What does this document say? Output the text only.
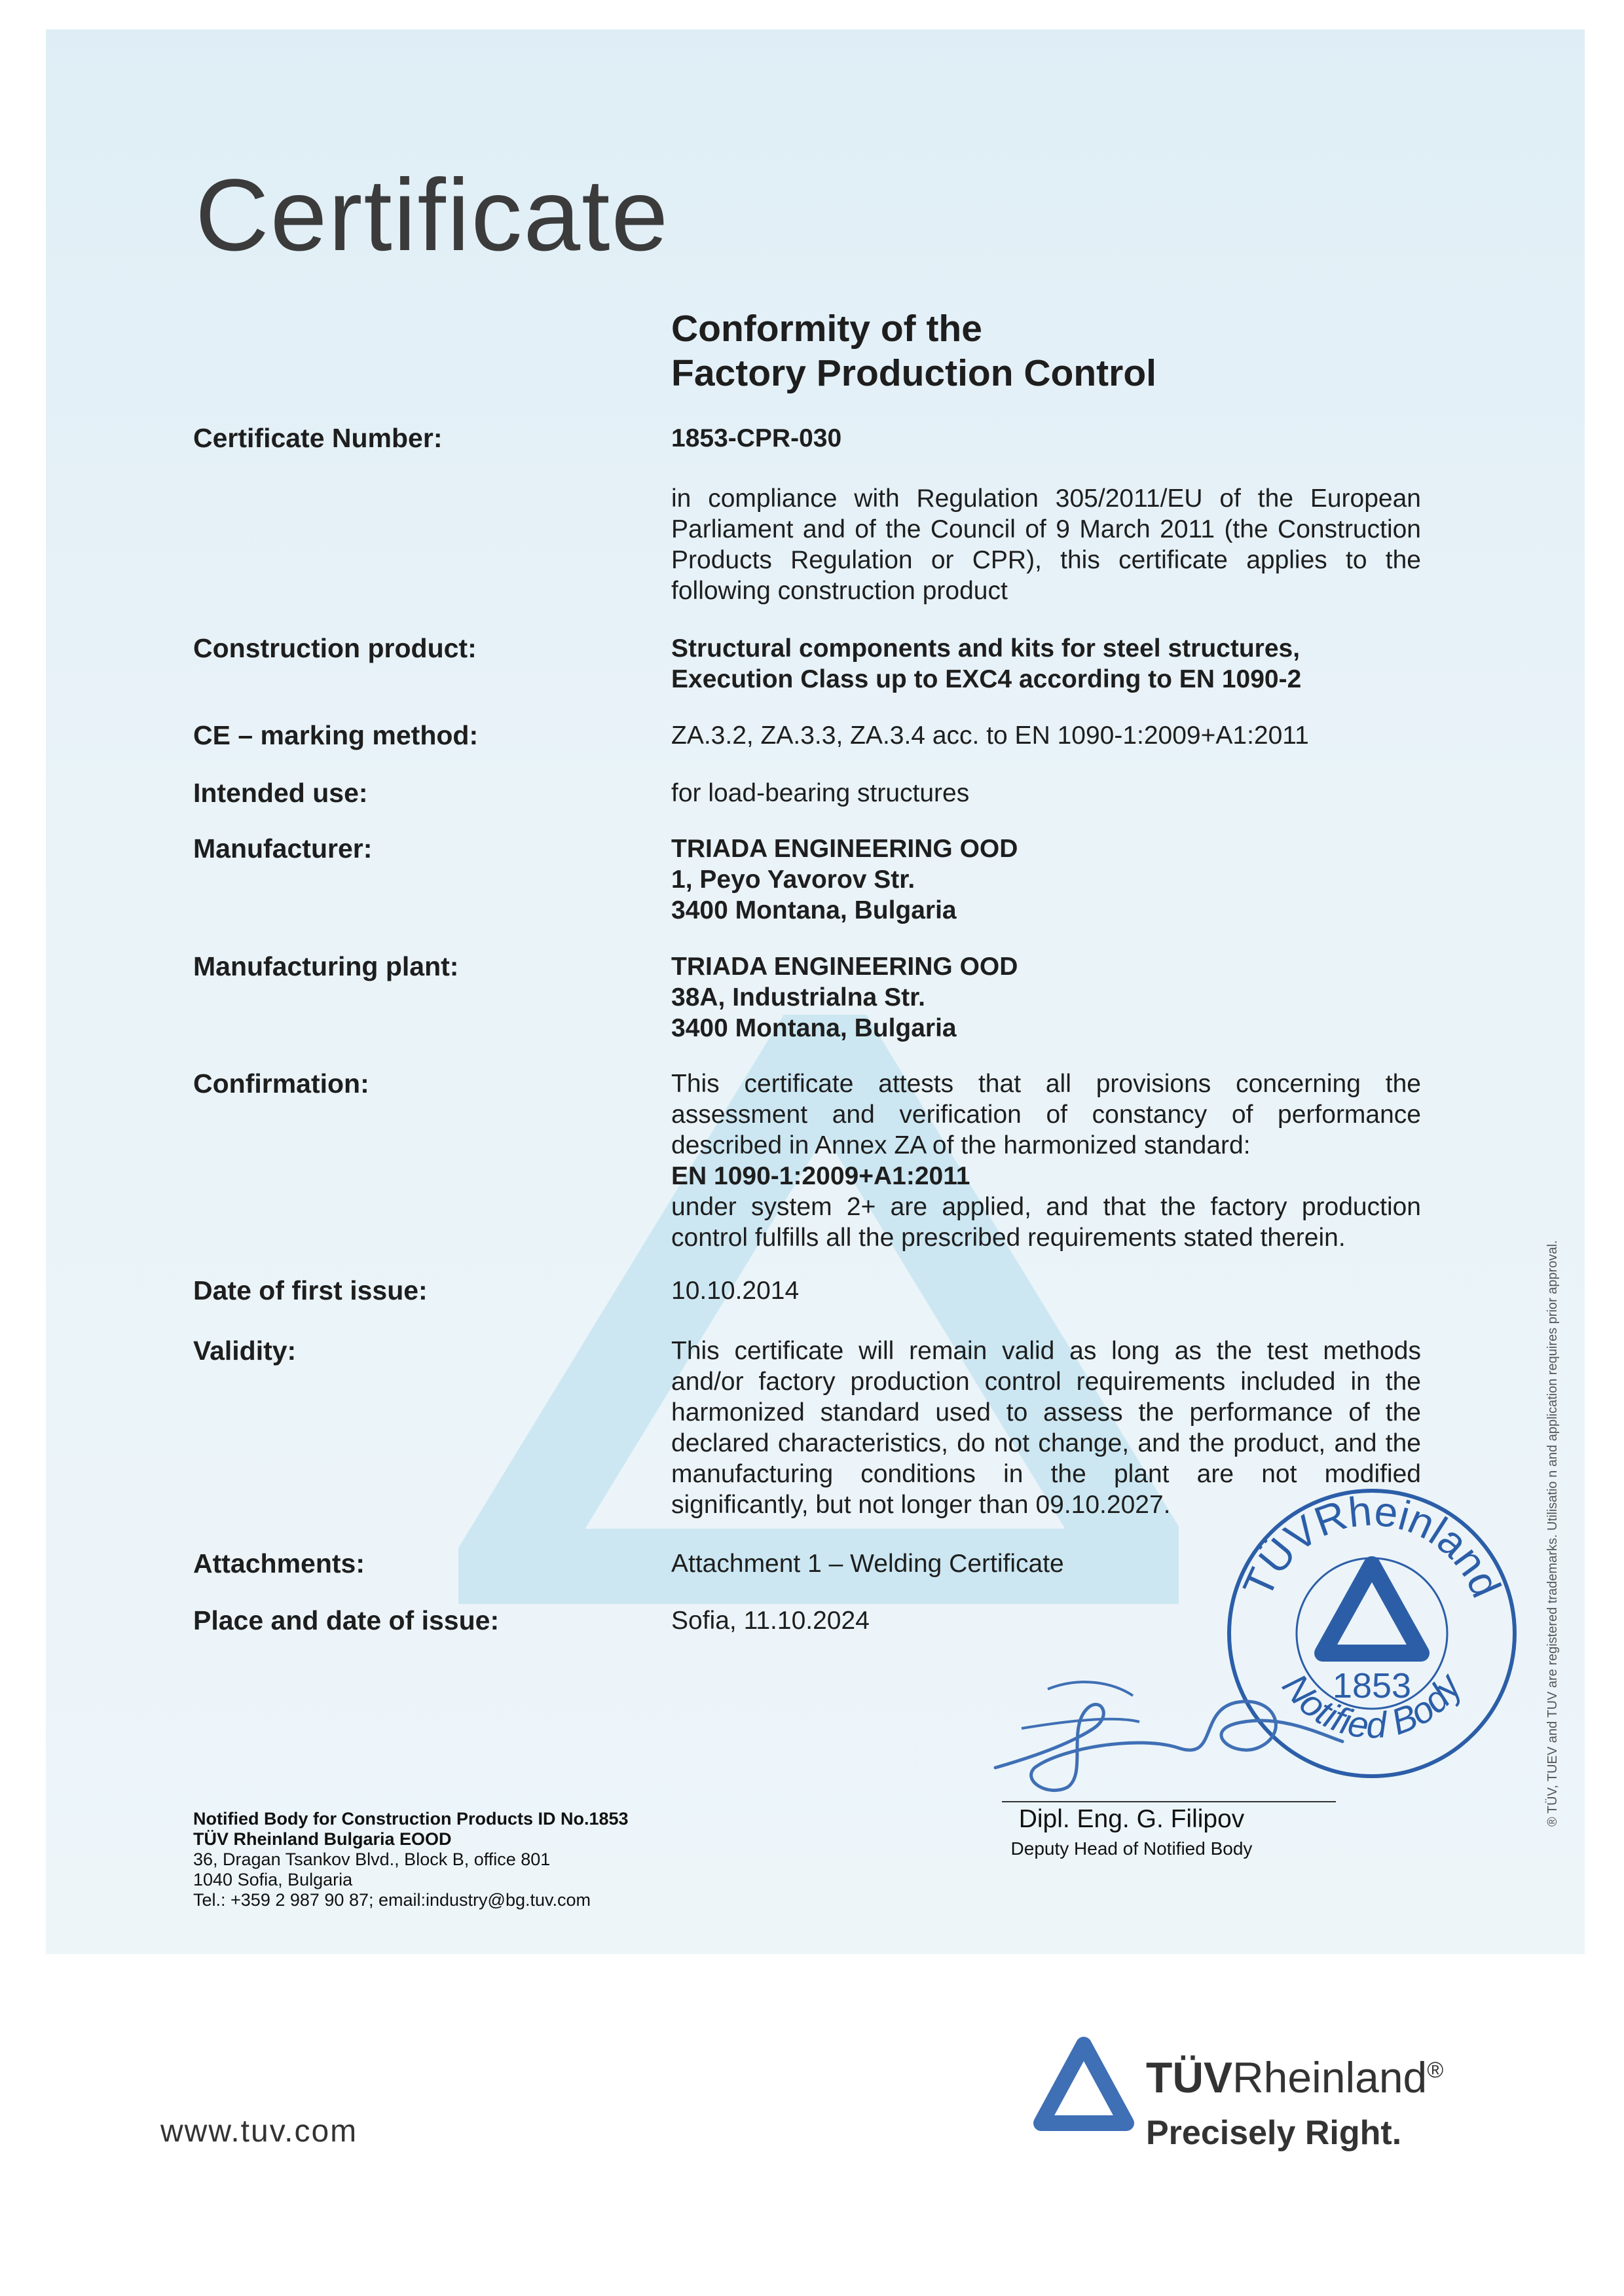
Certificate
Conformity of the
Factory Production Control
Certificate Number:	1853-CPR-030
in compliance with Regulation 305/2011/EU of the European Parliament and of the Council of 9 March 2011 (the Construction Products Regulation or CPR), this certificate applies to the following construction product
Construction product:	Structural components and kits for steel structures,
Execution Class up to EXC4 according to EN 1090-2
CE – marking method:	ZA.3.2, ZA.3.3, ZA.3.4 acc. to EN 1090-1:2009+A1:2011
Intended use:	for load-bearing structures
Manufacturer:	TRIADA ENGINEERING OOD
1, Peyo Yavorov Str.
3400 Montana, Bulgaria
Manufacturing plant:	TRIADA ENGINEERING OOD
38A, Industrialna Str.
3400 Montana, Bulgaria
Confirmation:	This certificate attests that all provisions concerning the assessment and verification of constancy of performance described in Annex ZA of the harmonized standard:
EN 1090-1:2009+A1:2011
under system 2+ are applied, and that the factory production control fulfills all the prescribed requirements stated therein.
Date of first issue:	10.10.2014
Validity:	This certificate will remain valid as long as the test methods and/or factory production control requirements included in the harmonized standard used to assess the performance of the declared characteristics, do not change, and the product, and the manufacturing conditions in the plant are not modified significantly, but not longer than 09.10.2027.
Attachments:	Attachment 1 – Welding Certificate
Place and date of issue:	Sofia, 11.10.2024
TÜVRheinland
1853
Notified Body
Dipl. Eng. G. Filipov
Deputy Head of Notified Body
Notified Body for Construction Products ID No.1853
TÜV Rheinland Bulgaria EOOD
36, Dragan Tsankov Blvd., Block B, office 801
1040 Sofia, Bulgaria
Tel.: +359 2 987 90 87; email:industry@bg.tuv.com
www.tuv.com
TÜVRheinland®
Precisely Right.
® TÜV, TUEV and TUV are registered trademarks. Utilisatio n and application requires prior approval.
